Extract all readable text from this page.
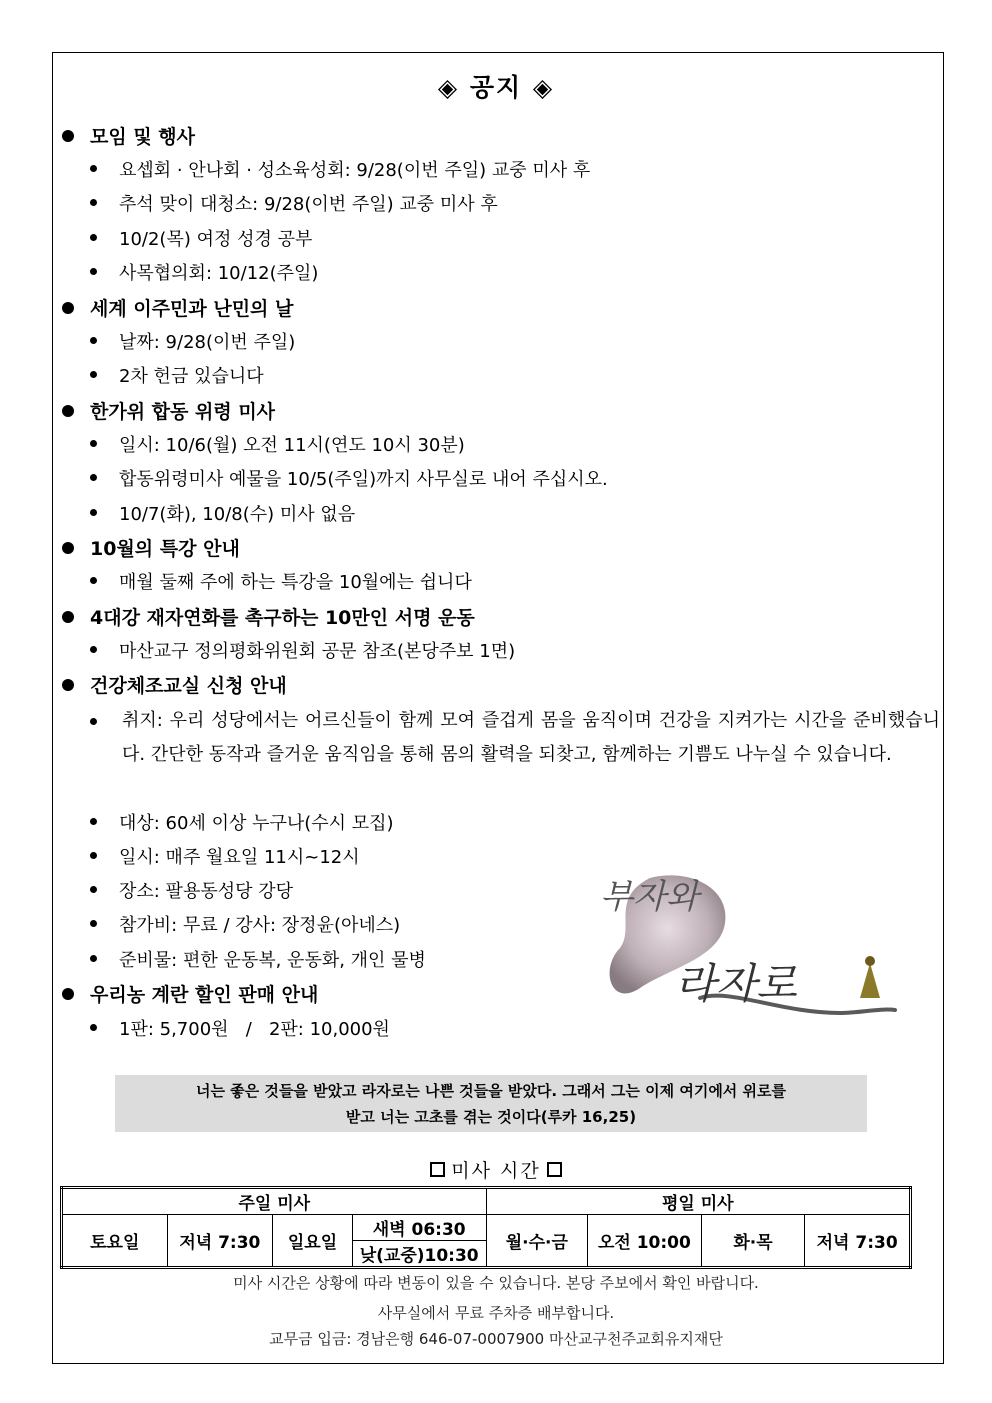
◈ 공지 ◈
모임 및 행사
요셉회 · 안나회 · 성소육성회: 9/28(이번 주일) 교중 미사 후
추석 맞이 대청소: 9/28(이번 주일) 교중 미사 후
10/2(목) 여정 성경 공부
사목협의회: 10/12(주일)
세계 이주민과 난민의 날
날짜: 9/28(이번 주일)
2차 헌금 있습니다
한가위 합동 위령 미사
일시: 10/6(월) 오전 11시(연도 10시 30분)
합동위령미사 예물을 10/5(주일)까지 사무실로 내어 주십시오.
10/7(화), 10/8(수) 미사 없음
10월의 특강 안내
매월 둘째 주에 하는 특강을 10월에는 쉽니다
4대강 재자연화를 촉구하는 10만인 서명 운동
마산교구 정의평화위원회 공문 참조(본당주보 1면)
건강체조교실 신청 안내
취지: 우리 성당에서는 어르신들이 함께 모여 즐겁게 몸을 움직이며 건강을 지켜가는 시간을 준비했습니다. 간단한 동작과 즐거운 움직임을 통해 몸의 활력을 되찾고, 함께하는 기쁨도 나누실 수 있습니다.
대상: 60세 이상 누구나(수시 모집)
일시: 매주 월요일 11시~12시
장소: 팔용동성당 강당
참가비: 무료 / 강사: 장정윤(아네스)
준비물: 편한 운동복, 운동화, 개인 물병
우리농 계란 할인 판매 안내
1판: 5,700원   /   2판: 10,000원
부자와
라자로
너는 좋은 것들을 받았고 라자로는 나쁜 것들을 받았다. 그래서 그는 이제 여기에서 위로를
받고 너는 고초를 겪는 것이다(루카 16,25)
미사 시간
주일 미사				평일 미사			
토요일	저녁 7:30	일요일	새벽 06:30	월·수·금	오전 10:00	화·목	저녁 7:30
			낮(교중)10:30				
미사 시간은 상황에 따라 변동이 있을 수 있습니다. 본당 주보에서 확인 바랍니다.
사무실에서 무료 주차증 배부합니다.
교무금 입금: 경남은행 646-07-0007900 마산교구천주교회유지재단
